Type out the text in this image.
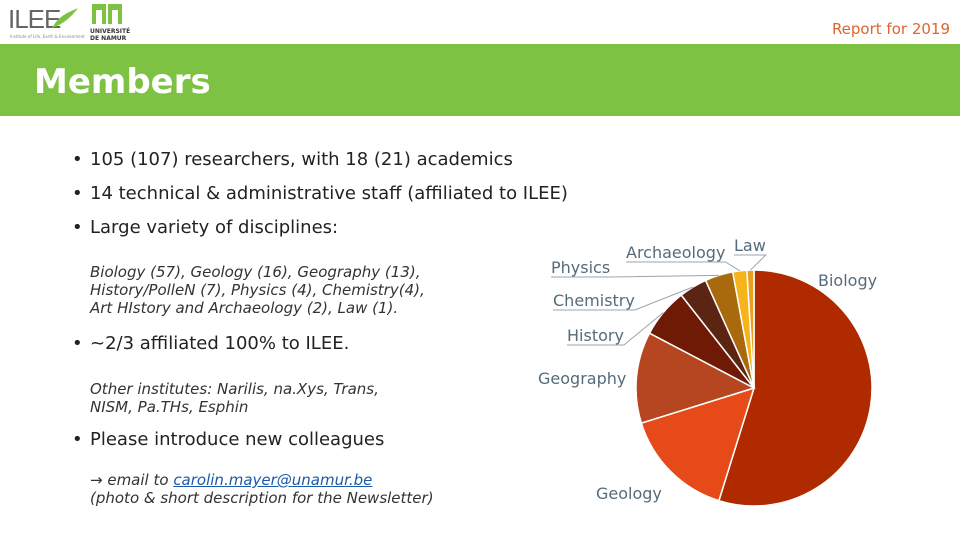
ILEE
Institute of Life, Earth & Environment
UNIVERSITÉ DE NAMUR
Report for 2019
Members
• 105 (107) researchers, with 18 (21) academics
• 14 technical & administrative staff (affiliated to ILEE)
• Large variety of disciplines:
Biology (57), Geology (16), Geography (13),
History/PolleN (7), Physics (4), Chemistry(4),
Art HIstory and Archaeology (2), Law (1).
• ~2/3 affiliated 100% to ILEE.
Other institutes: Narilis, na.Xys, Trans,
NISM, Pa.THs, Esphin
• Please introduce new colleagues
→ email to carolin.mayer@unamur.be
(photo & short description for the Newsletter)
Biology
Geology
Geography
History
Chemistry
Physics
Archaeology Law
